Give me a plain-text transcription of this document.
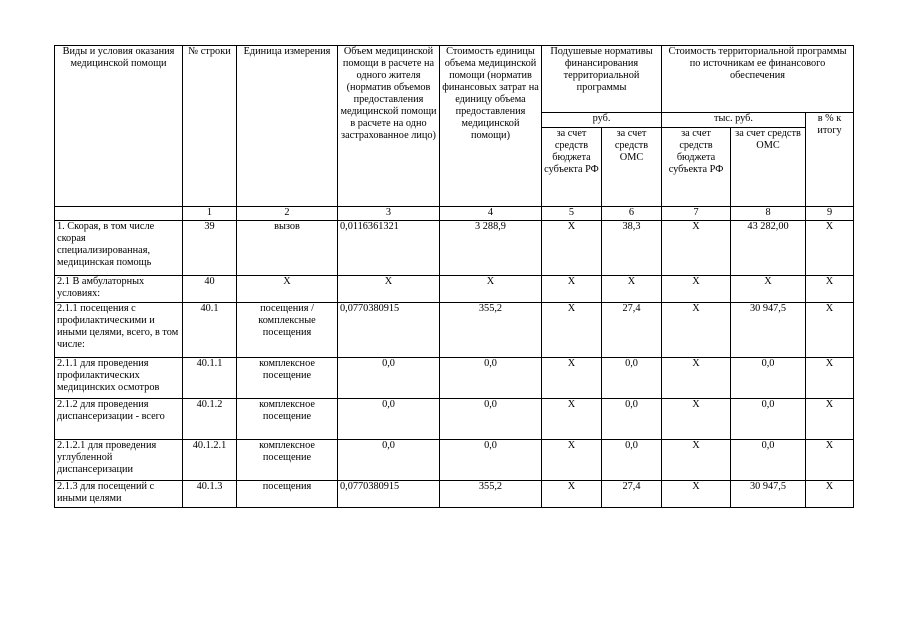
Виды и условия оказания медицинской помощи	№ строки	Единица измерения	Объем медицинской помощи в расчете на одного жителя (норматив объемов предоставления медицинской помощи в расчете на одно застрахованное лицо)	Стоимость единицы объема медицинской помощи (норматив финансовых затрат на единицу объема предоставления медицинской помощи)	Подушевые нормативы финансирования территориальной программы		Стоимость территориальной программы по источникам ее финансового обеспечения		
					руб.		тыс. руб.		в % к итогу
					за счет средств бюджета субъекта РФ	за счет средств ОМС	за счет средств бюджета субъекта РФ	за счет средств ОМС	
	1	2	3	4	5	6	7	8	9
1. Скорая, в том числе скорая специализированная, медицинская помощь	39	вызов	0,0116361321	3 288,9	Х	38,3	Х	43 282,00	Х
2.1 В амбулаторных условиях:	40	Х	Х	Х	Х	Х	Х	Х	Х
2.1.1 посещения с профилактическими и иными целями, всего, в том числе:	40.1	посещения / комплексные посещения	0,0770380915	355,2	Х	27,4	Х	30 947,5	Х
2.1.1 для проведения профилактических медицинских осмотров	40.1.1	комплексное посещение	0,0	0,0	Х	0,0	Х	0,0	Х
2.1.2 для проведения диспансеризации - всего	40.1.2	комплексное посещение	0,0	0,0	Х	0,0	Х	0,0	Х
2.1.2.1 для проведения углубленной диспансеризации	40.1.2.1	комплексное посещение	0,0	0,0	Х	0,0	Х	0,0	Х
2.1.3 для посещений с иными целями	40.1.3	посещения	0,0770380915	355,2	Х	27,4	Х	30 947,5	Х
